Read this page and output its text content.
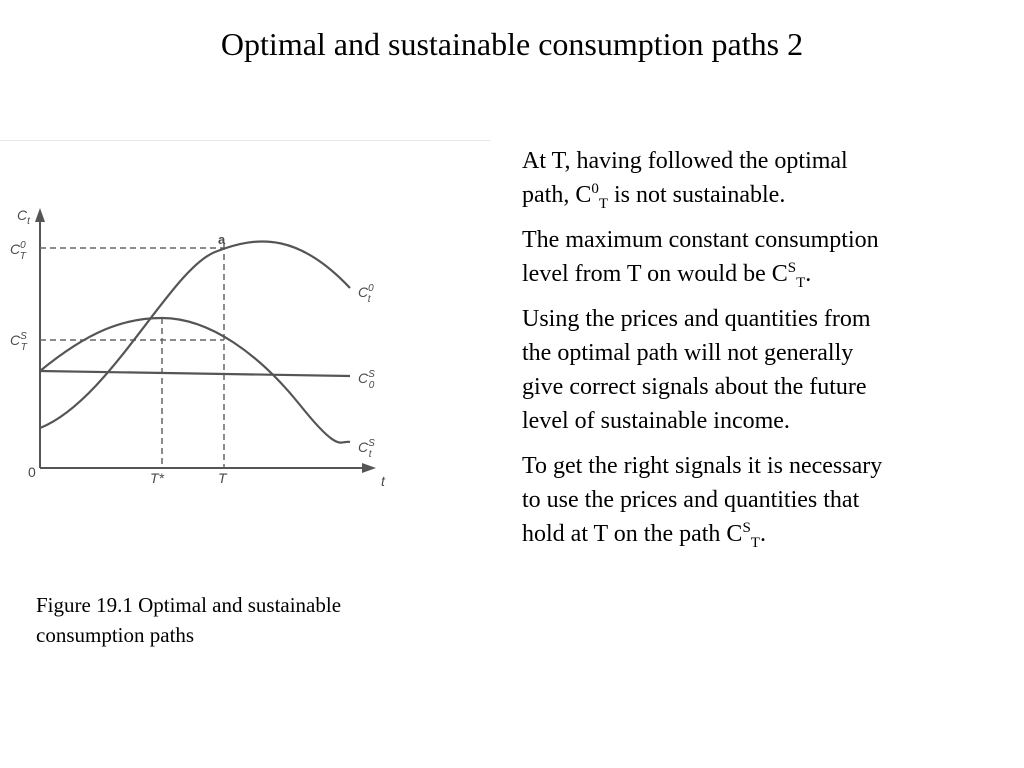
Optimal and sustainable consumption paths 2
$C_t$
t
0	T*	T
a
$C^0$ T
$C^S$ T
$C^0$ t
$C^S$ 0
$C^S$ t
Figure 19.1 Optimal and sustainable consumption paths

At T, having followed the optimal path, $C^0_T$ is not sustainable.

The maximum constant consumption level from T on would be $C^S_T$.

Using the prices and quantities from the optimal path will not generally give correct signals about the future level of sustainable income.

To get the right signals it is necessary to use the prices and quantities that hold at T on the path $C^S_T$.
